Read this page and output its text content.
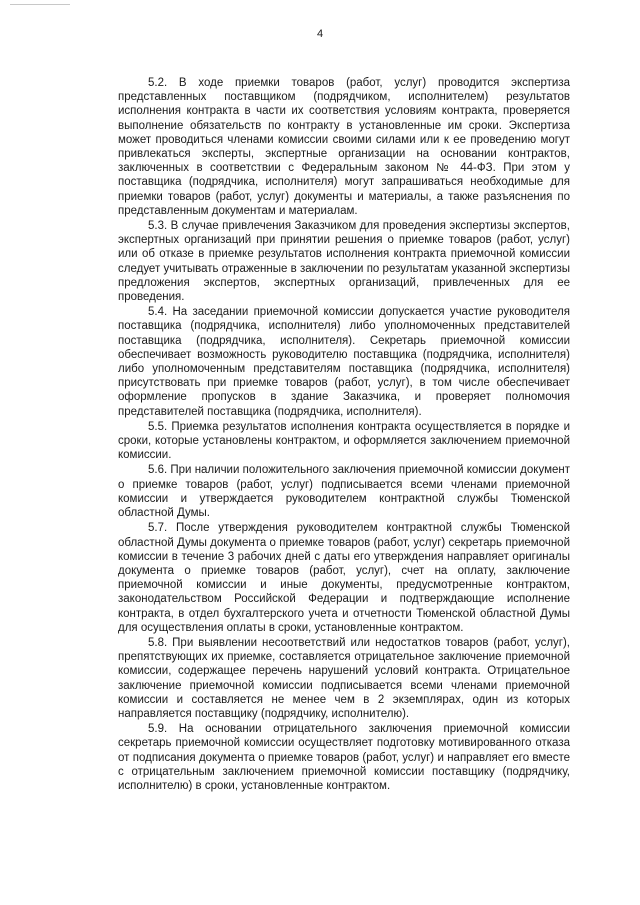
4

5.2. В ходе приемки товаров (работ, услуг) проводится экспертиза представленных поставщиком (подрядчиком, исполнителем) результатов исполнения контракта в части их соответствия условиям контракта, проверяется выполнение обязательств по контракту в установленные им сроки. Экспертиза может проводиться членами комиссии своими силами или к ее проведению могут привлекаться эксперты, экспертные организации на основании контрактов, заключенных в соответствии с Федеральным законом № 44-ФЗ. При этом у поставщика (подрядчика, исполнителя) могут запрашиваться необходимые для приемки товаров (работ, услуг) документы и материалы, а также разъяснения по представленным документам и материалам.

5.3. В случае привлечения Заказчиком для проведения экспертизы экспертов, экспертных организаций при принятии решения о приемке товаров (работ, услуг) или об отказе в приемке результатов исполнения контракта приемочной комиссии следует учитывать отраженные в заключении по результатам указанной экспертизы предложения экспертов, экспертных организаций, привлеченных для ее проведения.

5.4. На заседании приемочной комиссии допускается участие руководителя поставщика (подрядчика, исполнителя) либо уполномоченных представителей поставщика (подрядчика, исполнителя). Секретарь приемочной комиссии обеспечивает возможность руководителю поставщика (подрядчика, исполнителя) либо уполномоченным представителям поставщика (подрядчика, исполнителя) присутствовать при приемке товаров (работ, услуг), в том числе обеспечивает оформление пропусков в здание Заказчика, и проверяет полномочия представителей поставщика (подрядчика, исполнителя).

5.5. Приемка результатов исполнения контракта осуществляется в порядке и сроки, которые установлены контрактом, и оформляется заключением приемочной комиссии.

5.6. При наличии положительного заключения приемочной комиссии документ о приемке товаров (работ, услуг) подписывается всеми членами приемочной комиссии и утверждается руководителем контрактной службы Тюменской областной Думы.

5.7. После утверждения руководителем контрактной службы Тюменской областной Думы документа о приемке товаров (работ, услуг) секретарь приемочной комиссии в течение 3 рабочих дней с даты его утверждения направляет оригиналы документа о приемке товаров (работ, услуг), счет на оплату, заключение приемочной комиссии и иные документы, предусмотренные контрактом, законодательством Российской Федерации и подтверждающие исполнение контракта, в отдел бухгалтерского учета и отчетности Тюменской областной Думы для осуществления оплаты в сроки, установленные контрактом.

5.8. При выявлении несоответствий или недостатков товаров (работ, услуг), препятствующих их приемке, составляется отрицательное заключение приемочной комиссии, содержащее перечень нарушений условий контракта. Отрицательное заключение приемочной комиссии подписывается всеми членами приемочной комиссии и составляется не менее чем в 2 экземплярах, один из которых направляется поставщику (подрядчику, исполнителю).

5.9. На основании отрицательного заключения приемочной комиссии секретарь приемочной комиссии осуществляет подготовку мотивированного отказа от подписания документа о приемке товаров (работ, услуг) и направляет его вместе с отрицательным заключением приемочной комиссии поставщику (подрядчику, исполнителю) в сроки, установленные контрактом.
